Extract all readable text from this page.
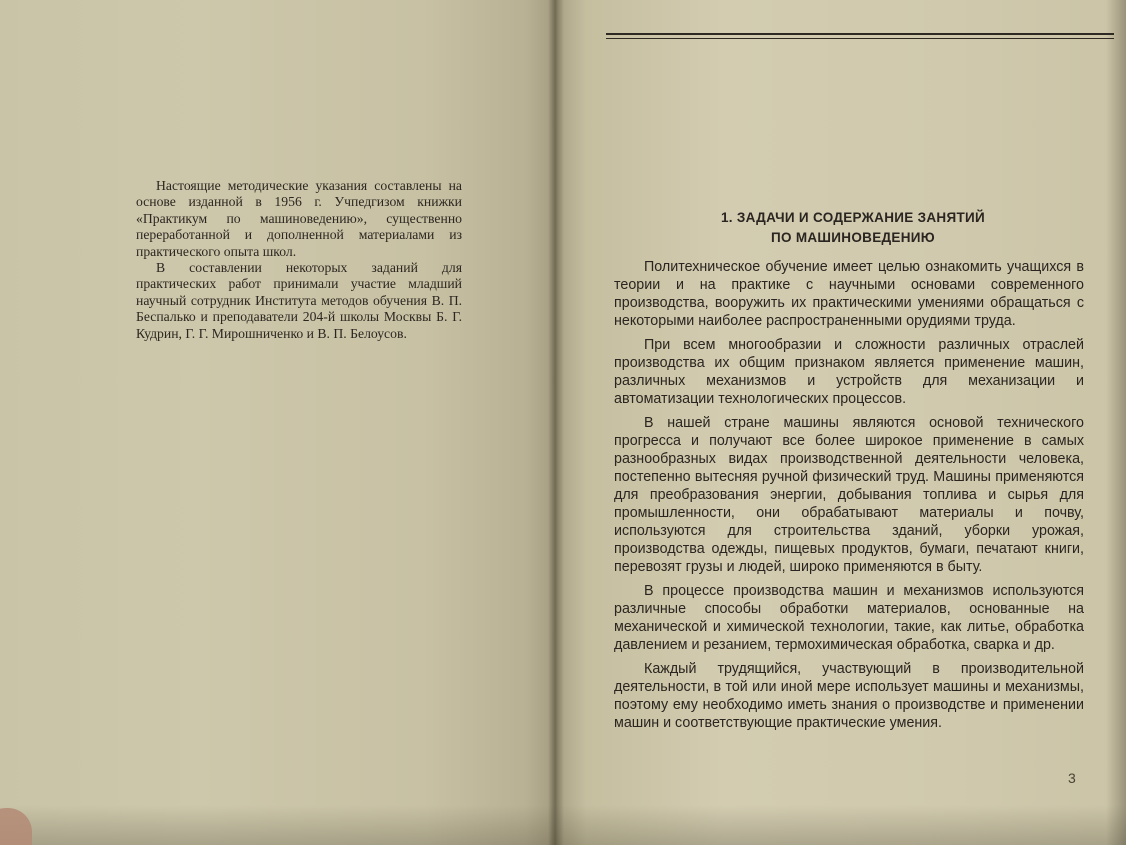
Настоящие методические указания составлены на основе изданной в 1956 г. Учпедгизом книжки «Практикум по машиноведению», существенно переработанной и дополненной материалами из практического опыта школ.

В составлении некоторых заданий для практических работ принимали участие младший научный сотрудник Института методов обучения В. П. Беспалько и преподаватели 204-й школы Москвы Б. Г. Кудрин, Г. Г. Мирошниченко и В. П. Белоусов.

1. ЗАДАЧИ И СОДЕРЖАНИЕ ЗАНЯТИЙ
ПО МАШИНОВЕДЕНИЮ

Политехническое обучение имеет целью ознакомить учащихся в теории и на практике с научными основами современного производства, вооружить их практическими умениями обращаться с некоторыми наиболее распространенными орудиями труда.

При всем многообразии и сложности различных отраслей производства их общим признаком является применение машин, различных механизмов и устройств для механизации и автоматизации технологических процессов.

В нашей стране машины являются основой технического прогресса и получают все более широкое применение в самых разнообразных видах производственной деятельности человека, постепенно вытесняя ручной физический труд. Машины применяются для преобразования энергии, добывания топлива и сырья для промышленности, они обрабатывают материалы и почву, используются для строительства зданий, уборки урожая, производства одежды, пищевых продуктов, бумаги, печатают книги, перевозят грузы и людей, широко применяются в быту.

В процессе производства машин и механизмов используются различные способы обработки материалов, основанные на механической и химической технологии, такие, как литье, обработка давлением и резанием, термохимическая обработка, сварка и др.

Каждый трудящийся, участвующий в производительной деятельности, в той или иной мере использует машины и механизмы, поэтому ему необходимо иметь знания о производстве и применении машин и соответствующие практические умения.

3
